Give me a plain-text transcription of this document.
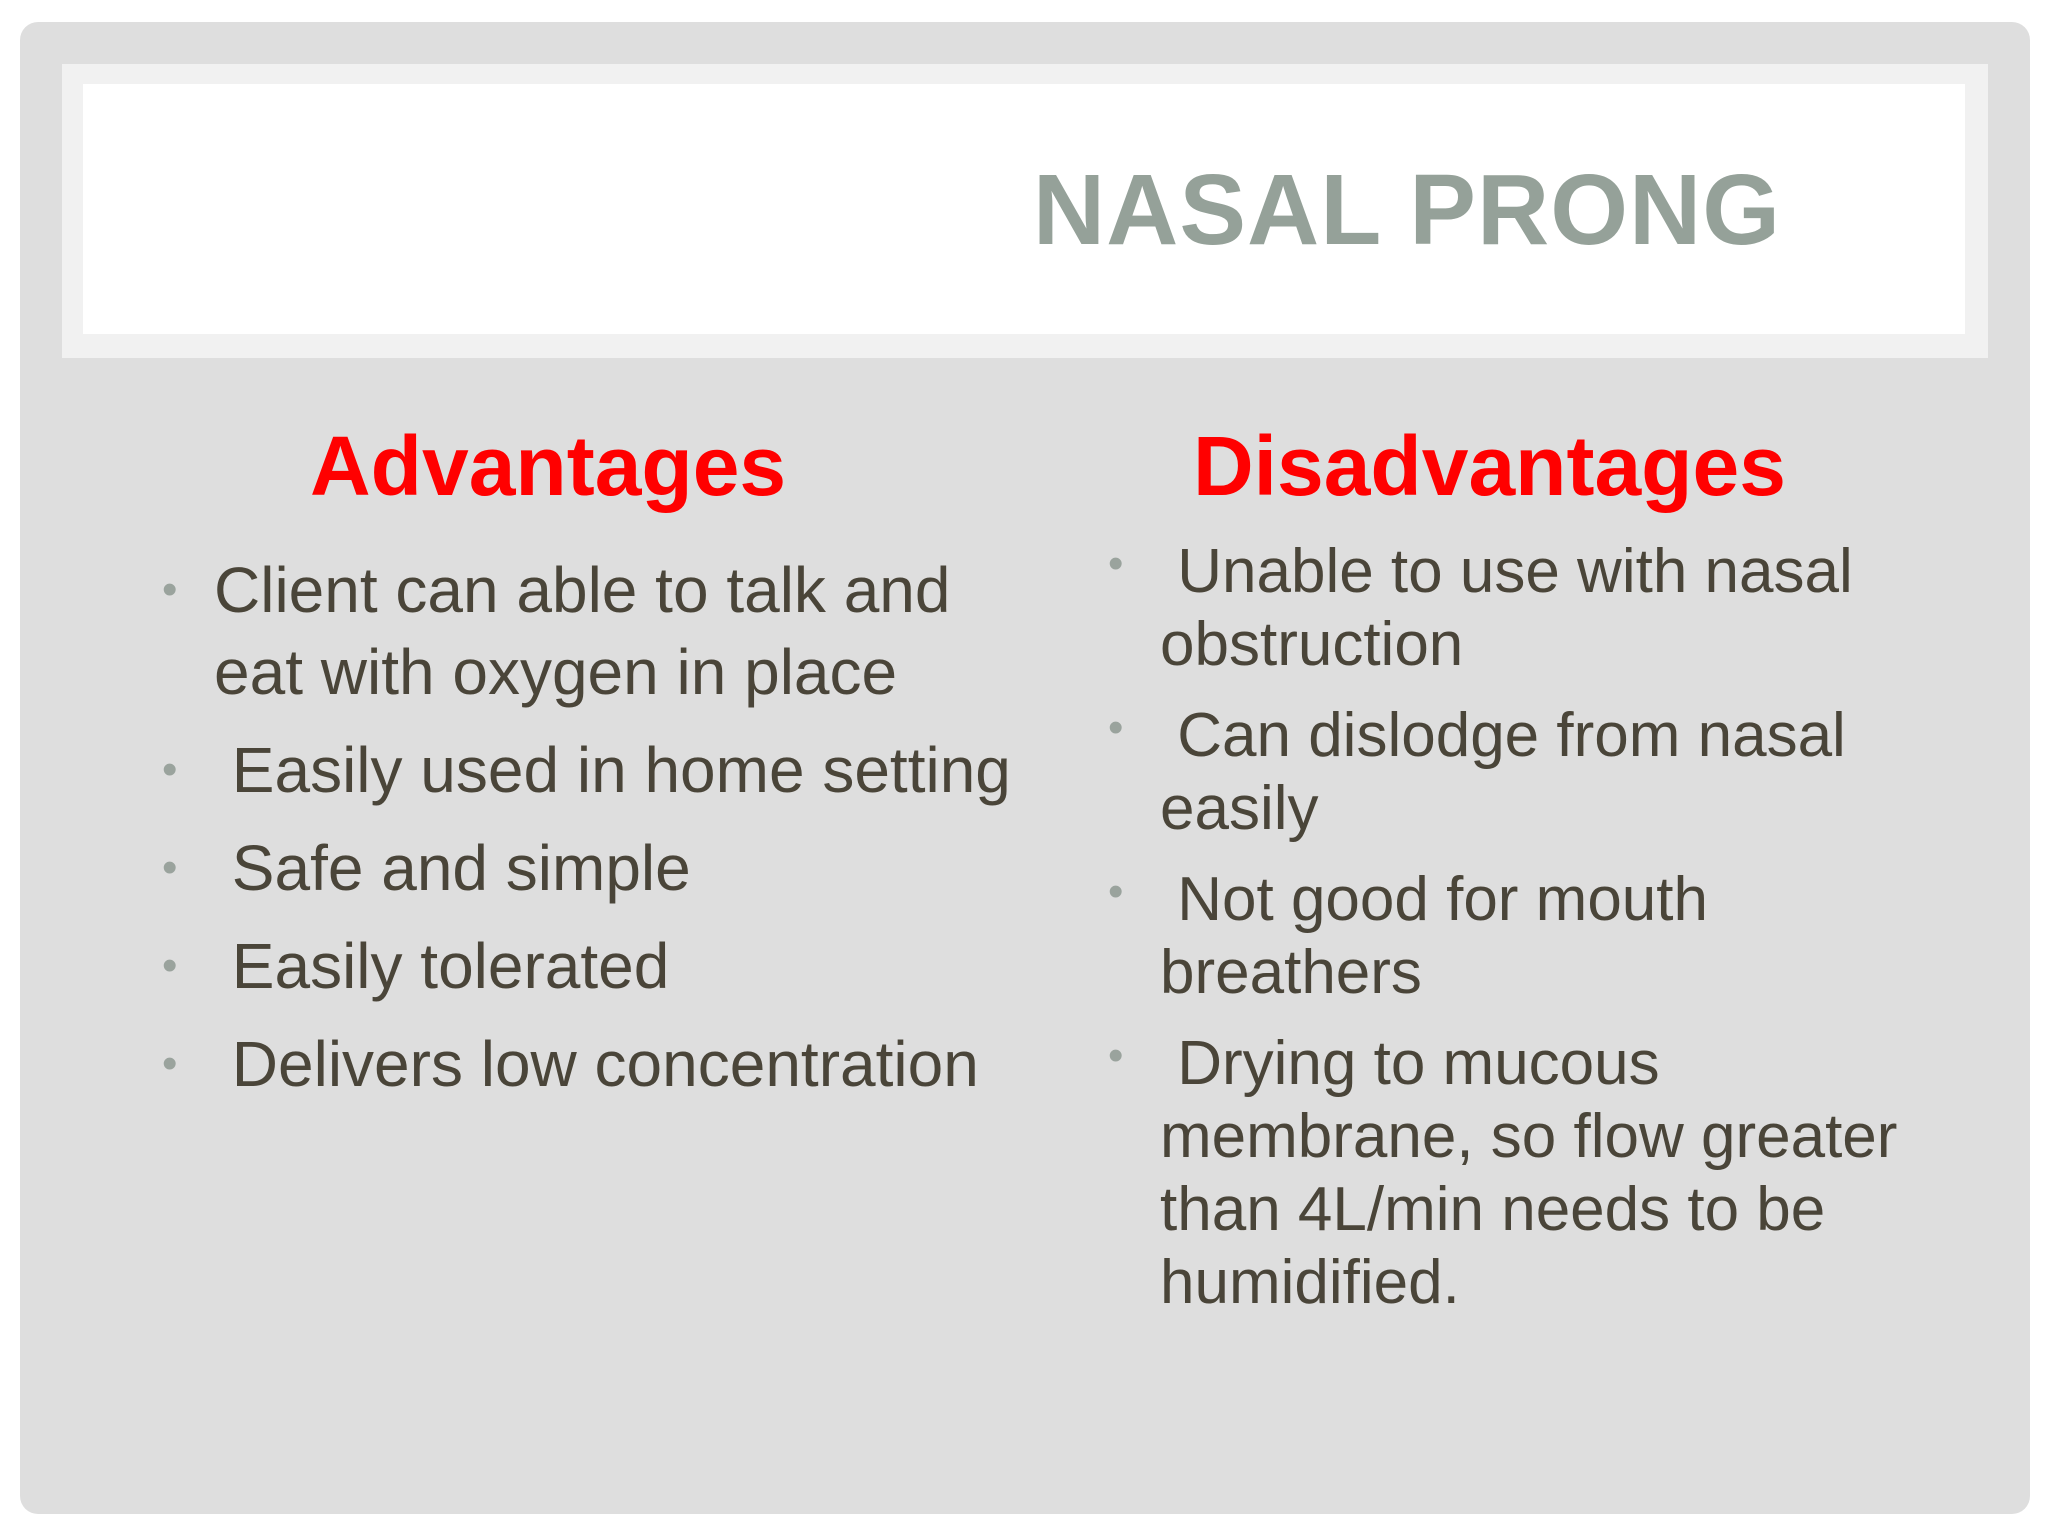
NASAL PRONG
Advantages
• Client can able to talk and eat with oxygen in place
• Easily used in home setting
• Safe and simple
• Easily tolerated
• Delivers low concentration
Disadvantages
• Unable to use with nasal obstruction
• Can dislodge from nasal easily
• Not good for mouth breathers
• Drying to mucous membrane, so flow greater than 4L/min needs to be humidified.
